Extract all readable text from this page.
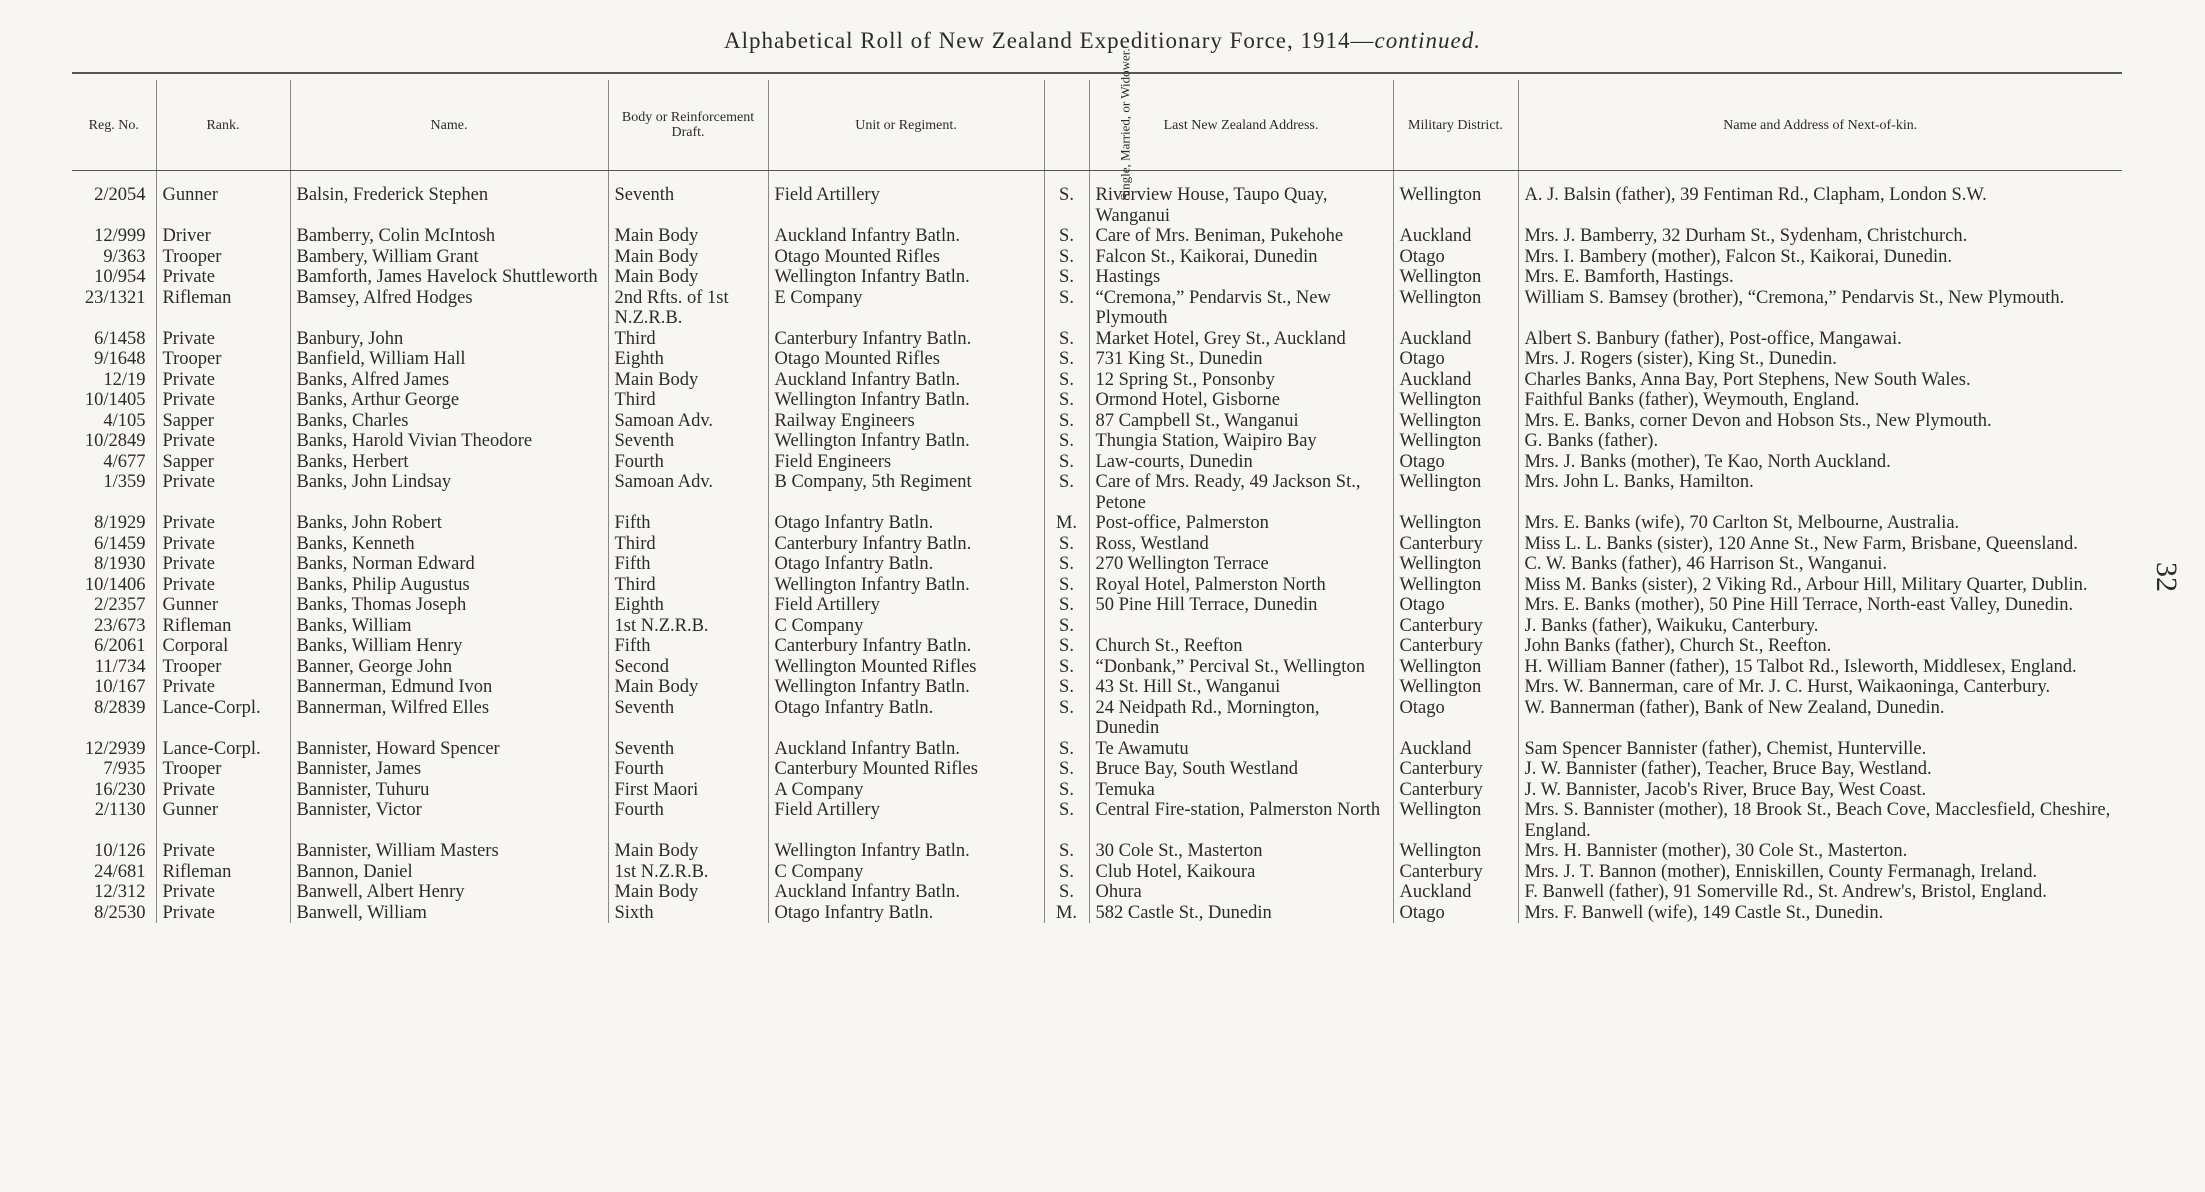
Alphabetical Roll of New Zealand Expeditionary Force, 1914—continued.
32
Reg. No.	Rank.	Name.	Body or Reinforcement Draft.	Unit or Regiment.	Single, Married, or Widower.	Last New Zealand Address.	Military District.	Name and Address of Next-of-kin.
2/2054	Gunner	Balsin, Frederick Stephen	Seventh	Field Artillery	S.	Riverview House, Taupo Quay, Wanganui	Wellington	A. J. Balsin (father), 39 Fentiman Rd., Clapham, London S.W.
12/999	Driver	Bamberry, Colin McIntosh	Main Body	Auckland Infantry Batln.	S.	Care of Mrs. Beniman, Pukehohe	Auckland	Mrs. J. Bamberry, 32 Durham St., Sydenham, Christchurch.
9/363	Trooper	Bambery, William Grant	Main Body	Otago Mounted Rifles	S.	Falcon St., Kaikorai, Dunedin	Otago	Mrs. I. Bambery (mother), Falcon St., Kaikorai, Dunedin.
10/954	Private	Bamforth, James Havelock Shuttleworth	Main Body	Wellington Infantry Batln.	S.	Hastings	Wellington	Mrs. E. Bamforth, Hastings.
23/1321	Rifleman	Bamsey, Alfred Hodges	2nd Rfts. of 1st N.Z.R.B.	E Company	S.	“Cremona,” Pendarvis St., New Plymouth	Wellington	William S. Bamsey (brother), “Cremona,” Pendarvis St., New Plymouth.
6/1458	Private	Banbury, John	Third	Canterbury Infantry Batln.	S.	Market Hotel, Grey St., Auckland	Auckland	Albert S. Banbury (father), Post-office, Mangawai.
9/1648	Trooper	Banfield, William Hall	Eighth	Otago Mounted Rifles	S.	731 King St., Dunedin	Otago	Mrs. J. Rogers (sister), King St., Dunedin.
12/19	Private	Banks, Alfred James	Main Body	Auckland Infantry Batln.	S.	12 Spring St., Ponsonby	Auckland	Charles Banks, Anna Bay, Port Stephens, New South Wales.
10/1405	Private	Banks, Arthur George	Third	Wellington Infantry Batln.	S.	Ormond Hotel, Gisborne	Wellington	Faithful Banks (father), Weymouth, England.
4/105	Sapper	Banks, Charles	Samoan Adv.	Railway Engineers	S.	87 Campbell St., Wanganui	Wellington	Mrs. E. Banks, corner Devon and Hobson Sts., New Plymouth.
10/2849	Private	Banks, Harold Vivian Theodore	Seventh	Wellington Infantry Batln.	S.	Thungia Station, Waipiro Bay	Wellington	G. Banks (father).
4/677	Sapper	Banks, Herbert	Fourth	Field Engineers	S.	Law-courts, Dunedin	Otago	Mrs. J. Banks (mother), Te Kao, North Auckland.
1/359	Private	Banks, John Lindsay	Samoan Adv.	B Company, 5th Regiment	S.	Care of Mrs. Ready, 49 Jackson St., Petone	Wellington	Mrs. John L. Banks, Hamilton.
8/1929	Private	Banks, John Robert	Fifth	Otago Infantry Batln.	M.	Post-office, Palmerston	Wellington	Mrs. E. Banks (wife), 70 Carlton St, Melbourne, Australia.
6/1459	Private	Banks, Kenneth	Third	Canterbury Infantry Batln.	S.	Ross, Westland	Canterbury	Miss L. L. Banks (sister), 120 Anne St., New Farm, Brisbane, Queensland.
8/1930	Private	Banks, Norman Edward	Fifth	Otago Infantry Batln.	S.	270 Wellington Terrace	Wellington	C. W. Banks (father), 46 Harrison St., Wanganui.
10/1406	Private	Banks, Philip Augustus	Third	Wellington Infantry Batln.	S.	Royal Hotel, Palmerston North	Wellington	Miss M. Banks (sister), 2 Viking Rd., Arbour Hill, Military Quarter, Dublin.
2/2357	Gunner	Banks, Thomas Joseph	Eighth	Field Artillery	S.	50 Pine Hill Terrace, Dunedin	Otago	Mrs. E. Banks (mother), 50 Pine Hill Terrace, North-east Valley, Dunedin.
23/673	Rifleman	Banks, William	1st N.Z.R.B.	C Company	S.		Canterbury	J. Banks (father), Waikuku, Canterbury.
6/2061	Corporal	Banks, William Henry	Fifth	Canterbury Infantry Batln.	S.	Church St., Reefton	Canterbury	John Banks (father), Church St., Reefton.
11/734	Trooper	Banner, George John	Second	Wellington Mounted Rifles	S.	“Donbank,” Percival St., Wellington	Wellington	H. William Banner (father), 15 Talbot Rd., Isleworth, Middlesex, England.
10/167	Private	Bannerman, Edmund Ivon	Main Body	Wellington Infantry Batln.	S.	43 St. Hill St., Wanganui	Wellington	Mrs. W. Bannerman, care of Mr. J. C. Hurst, Waikaoninga, Canterbury.
8/2839	Lance-Corpl.	Bannerman, Wilfred Elles	Seventh	Otago Infantry Batln.	S.	24 Neidpath Rd., Mornington, Dunedin	Otago	W. Bannerman (father), Bank of New Zealand, Dunedin.
12/2939	Lance-Corpl.	Bannister, Howard Spencer	Seventh	Auckland Infantry Batln.	S.	Te Awamutu	Auckland	Sam Spencer Bannister (father), Chemist, Hunterville.
7/935	Trooper	Bannister, James	Fourth	Canterbury Mounted Rifles	S.	Bruce Bay, South Westland	Canterbury	J. W. Bannister (father), Teacher, Bruce Bay, Westland.
16/230	Private	Bannister, Tuhuru	First Maori	A Company	S.	Temuka	Canterbury	J. W. Bannister, Jacob's River, Bruce Bay, West Coast.
2/1130	Gunner	Bannister, Victor	Fourth	Field Artillery	S.	Central Fire-station, Palmerston North	Wellington	Mrs. S. Bannister (mother), 18 Brook St., Beach Cove, Macclesfield, Cheshire, England.
10/126	Private	Bannister, William Masters	Main Body	Wellington Infantry Batln.	S.	30 Cole St., Masterton	Wellington	Mrs. H. Bannister (mother), 30 Cole St., Masterton.
24/681	Rifleman	Bannon, Daniel	1st N.Z.R.B.	C Company	S.	Club Hotel, Kaikoura	Canterbury	Mrs. J. T. Bannon (mother), Enniskillen, County Fermanagh, Ireland.
12/312	Private	Banwell, Albert Henry	Main Body	Auckland Infantry Batln.	S.	Ohura	Auckland	F. Banwell (father), 91 Somerville Rd., St. Andrew's, Bristol, England.
8/2530	Private	Banwell, William	Sixth	Otago Infantry Batln.	M.	582 Castle St., Dunedin	Otago	Mrs. F. Banwell (wife), 149 Castle St., Dunedin.
